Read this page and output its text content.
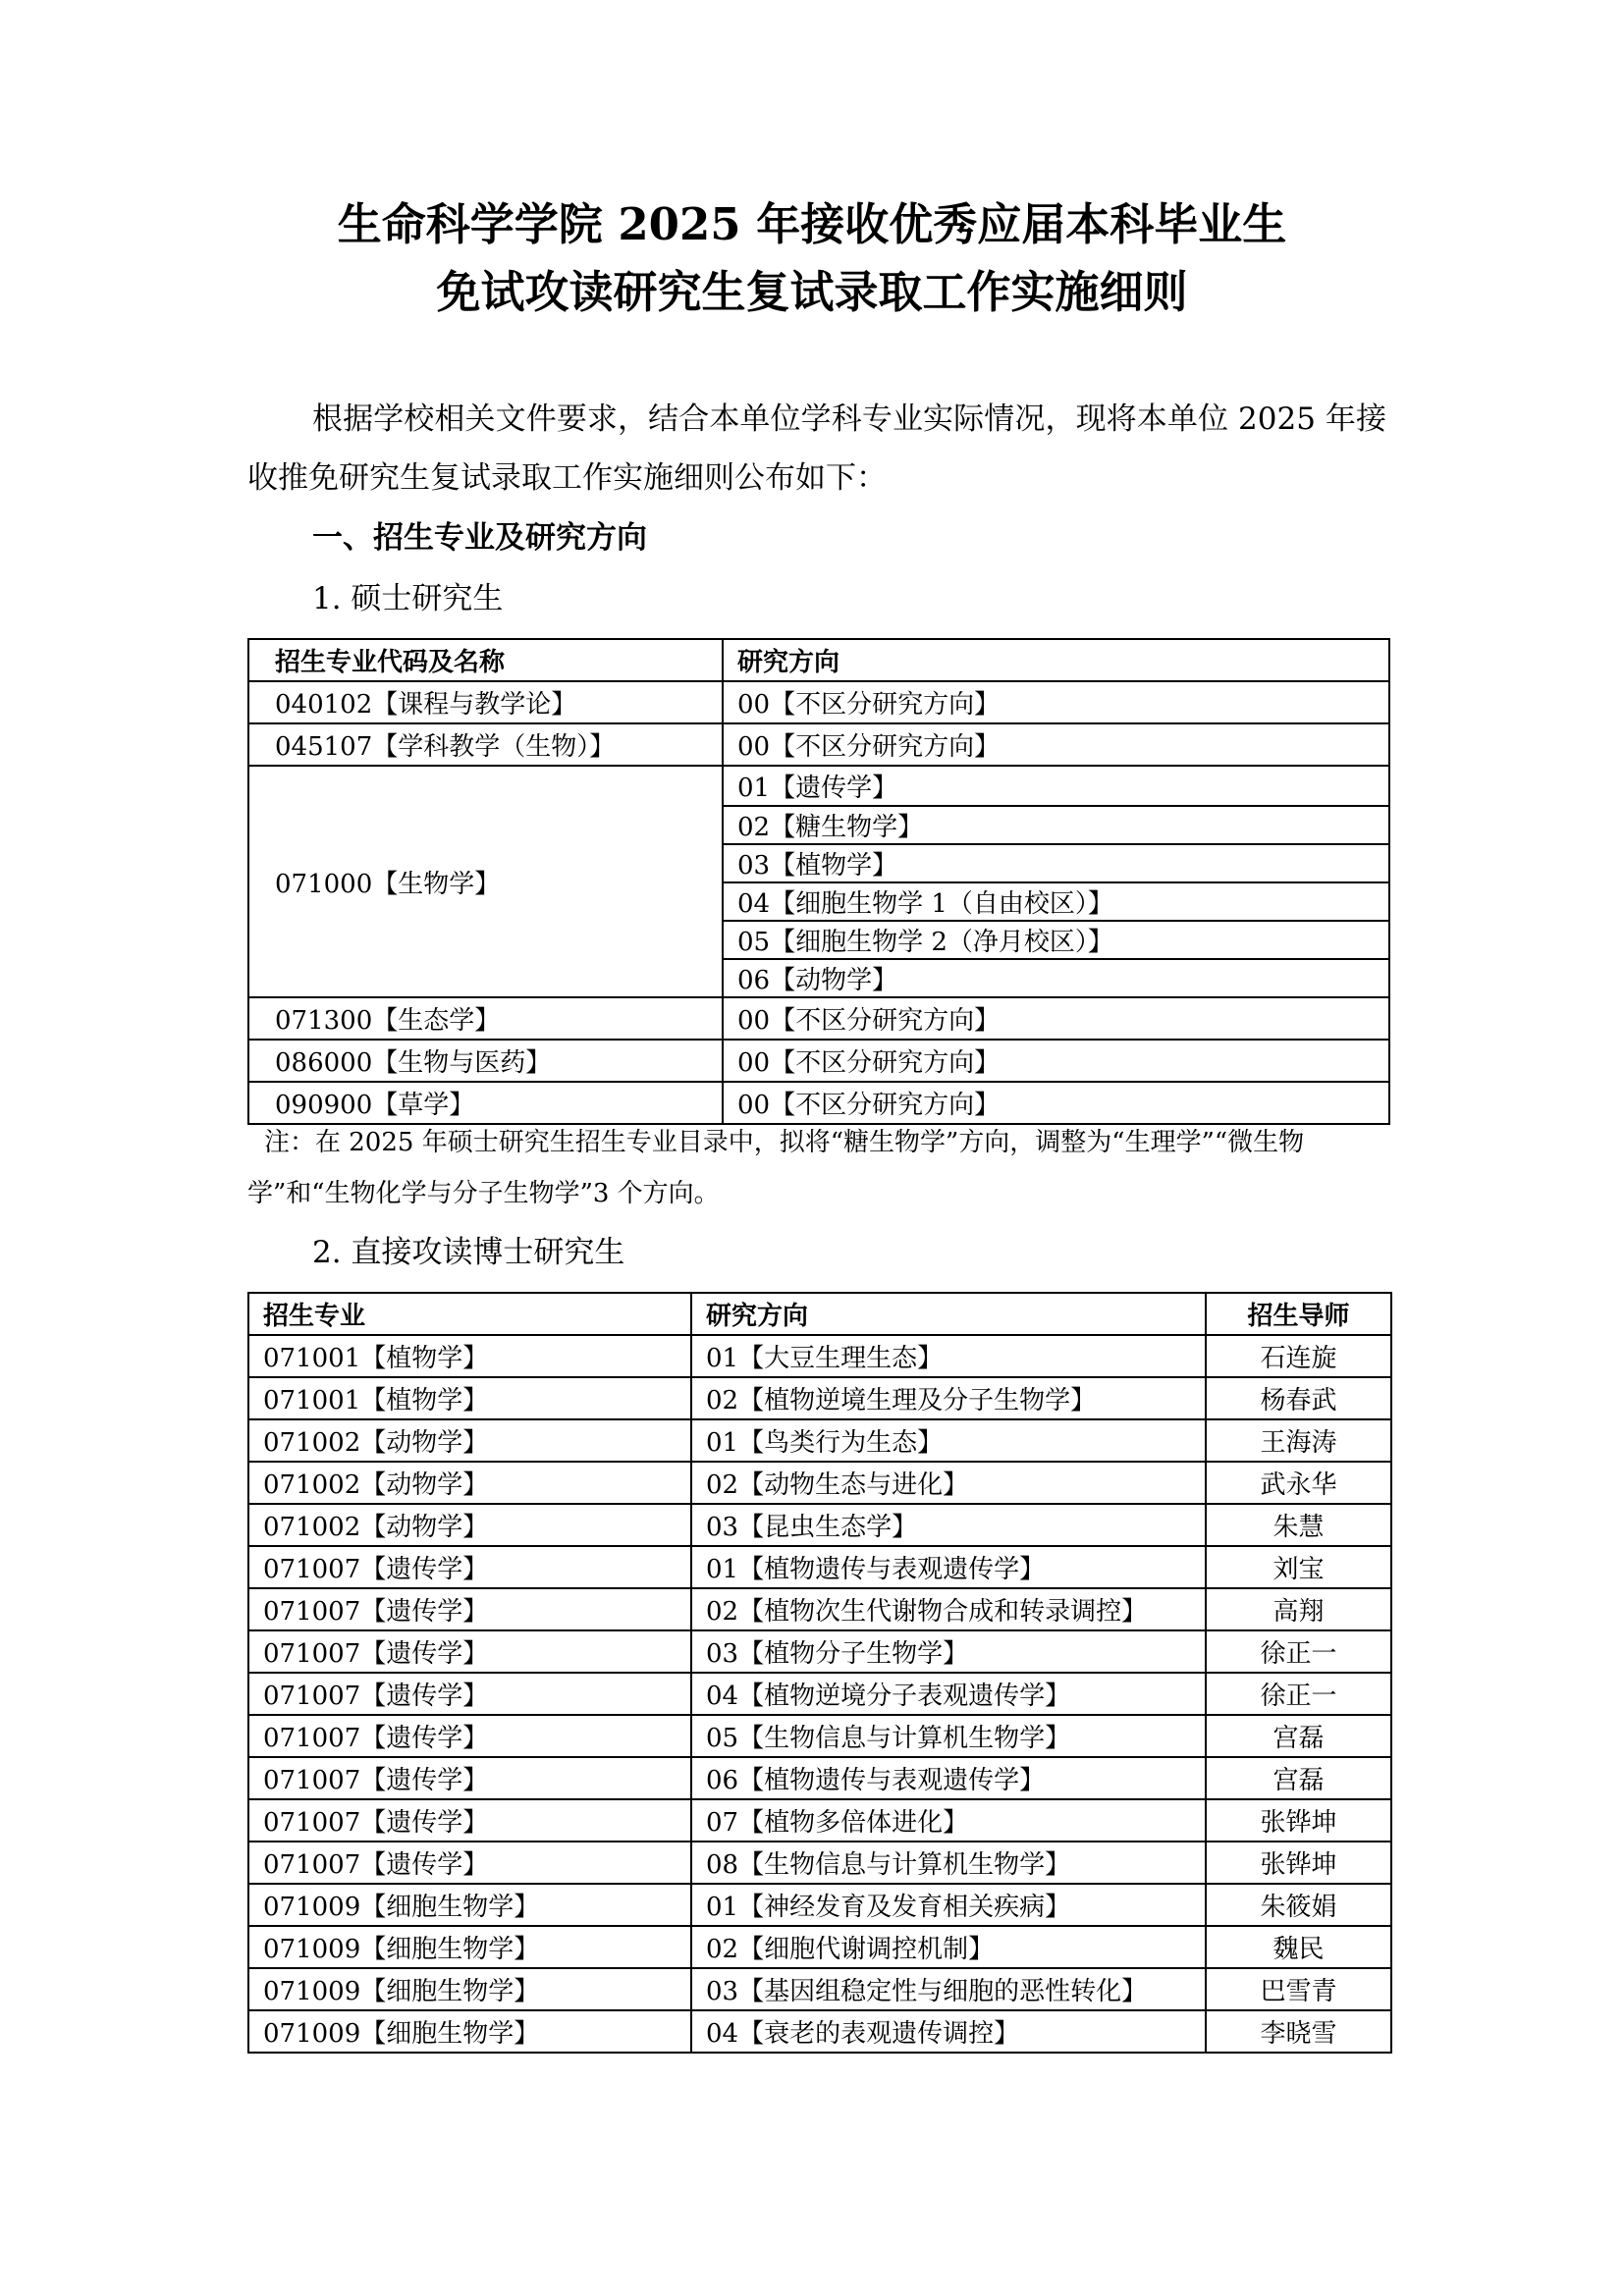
生命科学学院 2025 年接收优秀应届本科毕业生
免试攻读研究生复试录取工作实施细则
根据学校相关文件要求，结合本单位学科专业实际情况，现将本单位 2025 年接收推免研究生复试录取工作实施细则公布如下：
一、招生专业及研究方向
1. 硕士研究生
招生专业代码及名称	研究方向
040102【课程与教学论】	00【不区分研究方向】
045107【学科教学（生物）】	00【不区分研究方向】
071000【生物学】	01【遗传学】
	02【糖生物学】
	03【植物学】
	04【细胞生物学 1（自由校区）】
	05【细胞生物学 2（净月校区）】
	06【动物学】
071300【生态学】	00【不区分研究方向】
086000【生物与医药】	00【不区分研究方向】
090900【草学】	00【不区分研究方向】
注：在 2025 年硕士研究生招生专业目录中，拟将“糖生物学”方向，调整为“生理学”“微生物学”和“生物化学与分子生物学”3 个方向。
2. 直接攻读博士研究生
招生专业	研究方向	招生导师
071001【植物学】	01【大豆生理生态】	石连旋
071001【植物学】	02【植物逆境生理及分子生物学】	杨春武
071002【动物学】	01【鸟类行为生态】	王海涛
071002【动物学】	02【动物生态与进化】	武永华
071002【动物学】	03【昆虫生态学】	朱慧
071007【遗传学】	01【植物遗传与表观遗传学】	刘宝
071007【遗传学】	02【植物次生代谢物合成和转录调控】	高翔
071007【遗传学】	03【植物分子生物学】	徐正一
071007【遗传学】	04【植物逆境分子表观遗传学】	徐正一
071007【遗传学】	05【生物信息与计算机生物学】	宫磊
071007【遗传学】	06【植物遗传与表观遗传学】	宫磊
071007【遗传学】	07【植物多倍体进化】	张铧坤
071007【遗传学】	08【生物信息与计算机生物学】	张铧坤
071009【细胞生物学】	01【神经发育及发育相关疾病】	朱筱娟
071009【细胞生物学】	02【细胞代谢调控机制】	魏民
071009【细胞生物学】	03【基因组稳定性与细胞的恶性转化】	巴雪青
071009【细胞生物学】	04【衰老的表观遗传调控】	李晓雪
